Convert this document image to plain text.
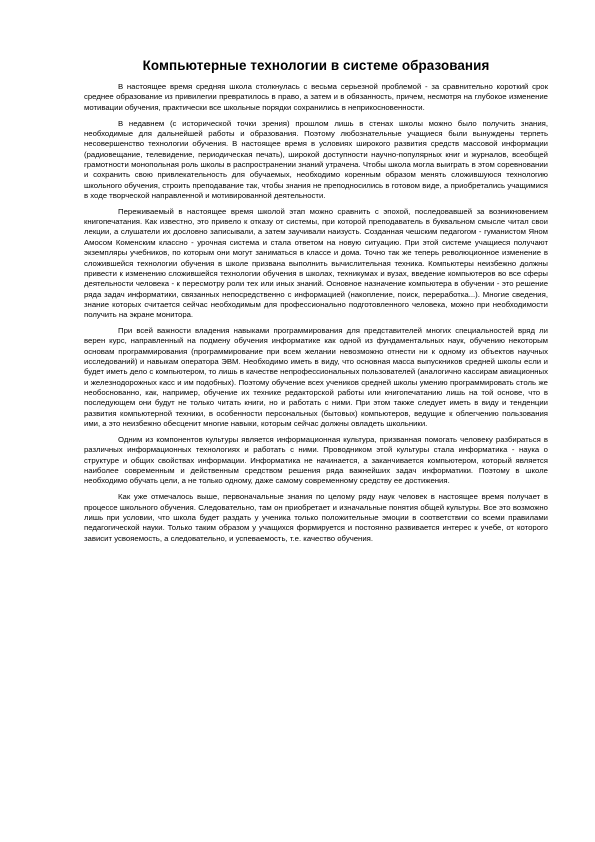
Компьютерные технологии в системе образования

В настоящее время средняя школа столкнулась с весьма серьезной проблемой - за сравнительно короткий срок среднее образование из привилегии превратилось в право, а затем и в обязанность, причем, несмотря на глубокое изменение мотивации обучения, практически все школьные порядки сохранились в неприкосновенности.

В недавнем (с исторической точки зрения) прошлом лишь в стенах школы можно было получить знания, необходимые для дальнейшей работы и образования. Поэтому любознательные учащиеся были вынуждены терпеть несовершенство технологии обучения. В настоящее время в условиях широкого развития средств массовой информации (радиовещание, телевидение, периодическая печать), широкой доступности научно-популярных книг и журналов, всеобщей грамотности монопольная роль школы в распространении знаний утрачена. Чтобы школа могла выиграть в этом соревновании и сохранить свою привлекательность для обучаемых, необходимо коренным образом менять сложившуюся технологию школьного обучения, строить преподавание так, чтобы знания не преподносились в готовом виде, а приобретались учащимися в ходе творческой направленной и мотивированной деятельности.

Переживаемый в настоящее время школой этап можно сравнить с эпохой, последовавшей за возникновением книгопечатания. Как известно, это привело к отказу от системы, при которой преподаватель в буквальном смысле читал свои лекции, а слушатели их дословно записывали, а затем заучивали наизусть. Созданная чешским педагогом - гуманистом Яном Амосом Коменским классно - урочная система и стала ответом на новую ситуацию. При этой системе учащиеся получают экземпляры учебников, по которым они могут заниматься в классе и дома. Точно так же теперь революционное изменение в сложившейся технологии обучения в школе призвана выполнить вычислительная техника. Компьютеры неизбежно должны привести к изменению сложившейся технологии обучения в школах, техникумах и вузах, введение компьютеров во все сферы деятельности человека - к пересмотру роли тех или иных знаний. Основное назначение компьютера в обучении - это решение ряда задач информатики, связанных непосредственно с информацией (накопление, поиск, переработка...). Многие сведения, знание которых считается сейчас необходимым для профессионально подготовленного человека, можно при необходимости получить на экране монитора.

При всей важности владения навыками программирования для представителей многих специальностей вряд ли верен курс, направленный на подмену обучения информатике как одной из фундаментальных наук, обучению некоторым основам программирования (программирование при всем желании невозможно отнести ни к одному из объектов научных исследований) и навыкам оператора ЭВМ. Необходимо иметь в виду, что основная масса выпускников средней школы если и будет иметь дело с компьютером, то лишь в качестве непрофессиональных пользователей (аналогично кассирам авиационных и железнодорожных касс и им подобных). Поэтому обучение всех учеников средней школы умению программировать столь же необоснованно, как, например, обучение их технике редакторской работы или книгопечатанию лишь на той основе, что в последующем они будут не только читать книги, но и работать с ними. При этом также следует иметь в виду и тенденции развития компьютерной техники, в особенности персональных (бытовых) компьютеров, ведущие к облегчению пользования ими, а это неизбежно обесценит многие навыки, которым сейчас должны овладеть школьники.

Одним из компонентов культуры является информационная культура, призванная помогать человеку разбираться в различных информационных технологиях и работать с ними. Проводником этой культуры стала информатика - наука о структуре и общих свойствах информации. Информатика не начинается, а заканчивается компьютером, который является наиболее современным и действенным средством решения ряда важнейших задач информатики. Поэтому в школе необходимо обучать цели, а не только одному, даже самому современному средству ее достижения.

Как уже отмечалось выше, первоначальные знания по целому ряду наук человек в настоящее время получает в процессе школьного обучения. Следовательно, там он приобретает и изначальные понятия общей культуры. Все это возможно лишь при условии, что школа будет раздать у ученика только положительные эмоции в соответствии со всеми правилами педагогической науки. Только таким образом у учащихся формируется и постоянно развивается интерес к учебе, от которого зависит усвояемость, а следовательно, и успеваемость, т.е. качество обучения.
